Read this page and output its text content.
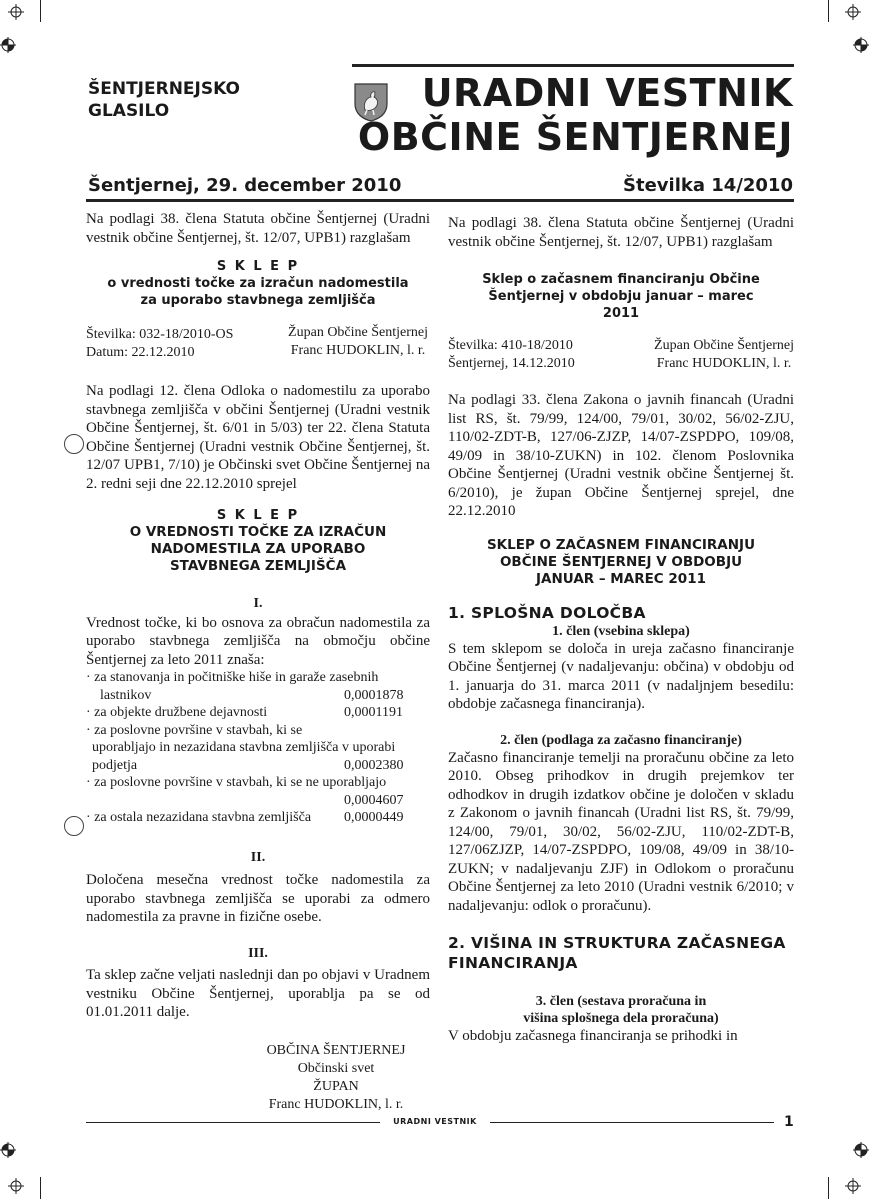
ŠENTJERNEJSKO
GLASILO	URADNI VESTNIK
OBČINE ŠENTJERNEJ
Šentjernej, 29. december 2010	Številka 14/2010

Na podlagi 38. člena Statuta občine Šentjernej (Uradni vestnik občine Šentjernej, št. 12/07, UPB1) razglašam

S K L E P
o vrednosti točke za izračun nadomestila
za uporabo stavbnega zemljišča
Številka: 032-18/2010-OS
Datum: 22.12.2010
Župan Občine Šentjernej
Franc HUDOKLIN, l. r.

Na podlagi 12. člena Odloka o nadomestilu za uporabo stavbnega zemljišča v občini Šentjernej (Uradni vestnik Občine Šentjernej, št. 6/01 in 5/03) ter 22. člena Statuta Občine Šentjernej (Uradni vestnik Občine Šentjernej, št. 12/07 UPB1, 7/10) je Občinski svet Občine Šentjernej na 2. redni seji dne 22.12.2010 sprejel

S K L E P
O VREDNOSTI TOČKE ZA IZRAČUN
NADOMESTILA ZA UPORABO
STAVBNEGA ZEMLJIŠČA
I.

Vrednost točke, ki bo osnova za obračun nadomestila za uporabo stavbnega zemljišča na območju občine Šentjernej za leto 2011 znaša:

· za stanovanja in počitniške hiše in garaže zasebnih
lastnikov	0,0001878
· za objekte družbene dejavnosti	0,0001191
· za poslovne površine v stavbah, ki se
uporabljajo in nezazidana stavbna zemljišča v uporabi
podjetja	0,0002380
· za poslovne površine v stavbah, ki se ne uporabljajo
0,0004607
· za ostala nezazidana stavbna zemljišča 0,0000449
II.

Določena mesečna vrednost točke nadomestila za uporabo stavbnega zemljišča se uporabi za odmero nadomestila za pravne in fizične osebe.

III.

Ta sklep začne veljati naslednji dan po objavi v Uradnem vestniku Občine Šentjernej, uporablja pa se od 01.01.2011 dalje.

OBČINA ŠENTJERNEJ
Občinski svet
ŽUPAN
Franc HUDOKLIN, l. r.

Na podlagi 38. člena Statuta občine Šentjernej (Uradni vestnik občine Šentjernej, št. 12/07, UPB1) razglašam

Sklep o začasnem financiranju Občine
Šentjernej v obdobju januar – marec
2011
Številka: 410-18/2010
Šentjernej, 14.12.2010
Župan Občine Šentjernej
Franc HUDOKLIN, l. r.

Na podlagi 33. člena Zakona o javnih financah (Uradni list RS, št. 79/99, 124/00, 79/01, 30/02, 56/02-ZJU, 110/02-ZDT-B, 127/06-ZJZP, 14/07-ZSPDPO, 109/08, 49/09 in 38/10-ZUKN) in 102. členom Poslovnika Občine Šentjernej (Uradni vestnik občine Šentjernej št. 6/2010), je župan Občine Šentjernej sprejel, dne 22.12.2010

SKLEP O ZAČASNEM FINANCIRANJU
OBČINE ŠENTJERNEJ V OBDOBJU
JANUAR – MAREC 2011
1. SPLOŠNA DOLOČBA
1. člen (vsebina sklepa)

S tem sklepom se določa in ureja začasno financiranje Občine Šentjernej (v nadaljevanju: občina) v obdobju od 1. januarja do 31. marca 2011 (v nadaljnjem besedilu: obdobje začasnega financiranja).

2. člen (podlaga za začasno financiranje)

Začasno financiranje temelji na proračunu občine za leto 2010. Obseg prihodkov in drugih prejemkov ter odhodkov in drugih izdatkov občine je določen v skladu z Zakonom o javnih financah (Uradni list RS, št. 79/99, 124/00, 79/01, 30/02, 56/02-ZJU, 110/02-ZDT-B, 127/06ZJZP, 14/07-ZSPDPO, 109/08, 49/09 in 38/10-ZUKN; v nadaljevanju ZJF) in Odlokom o proračunu Občine Šentjernej za leto 2010 (Uradni vestnik 6/2010; v nadaljevanju: odlok o proračunu).

2. VIŠINA IN STRUKTURA ZAČASNEGA
FINANCIRANJA
3. člen (sestava proračuna in
višina splošnega dela proračuna)

V obdobju začasnega financiranja se prihodki in

URADNI VESTNIK	1
